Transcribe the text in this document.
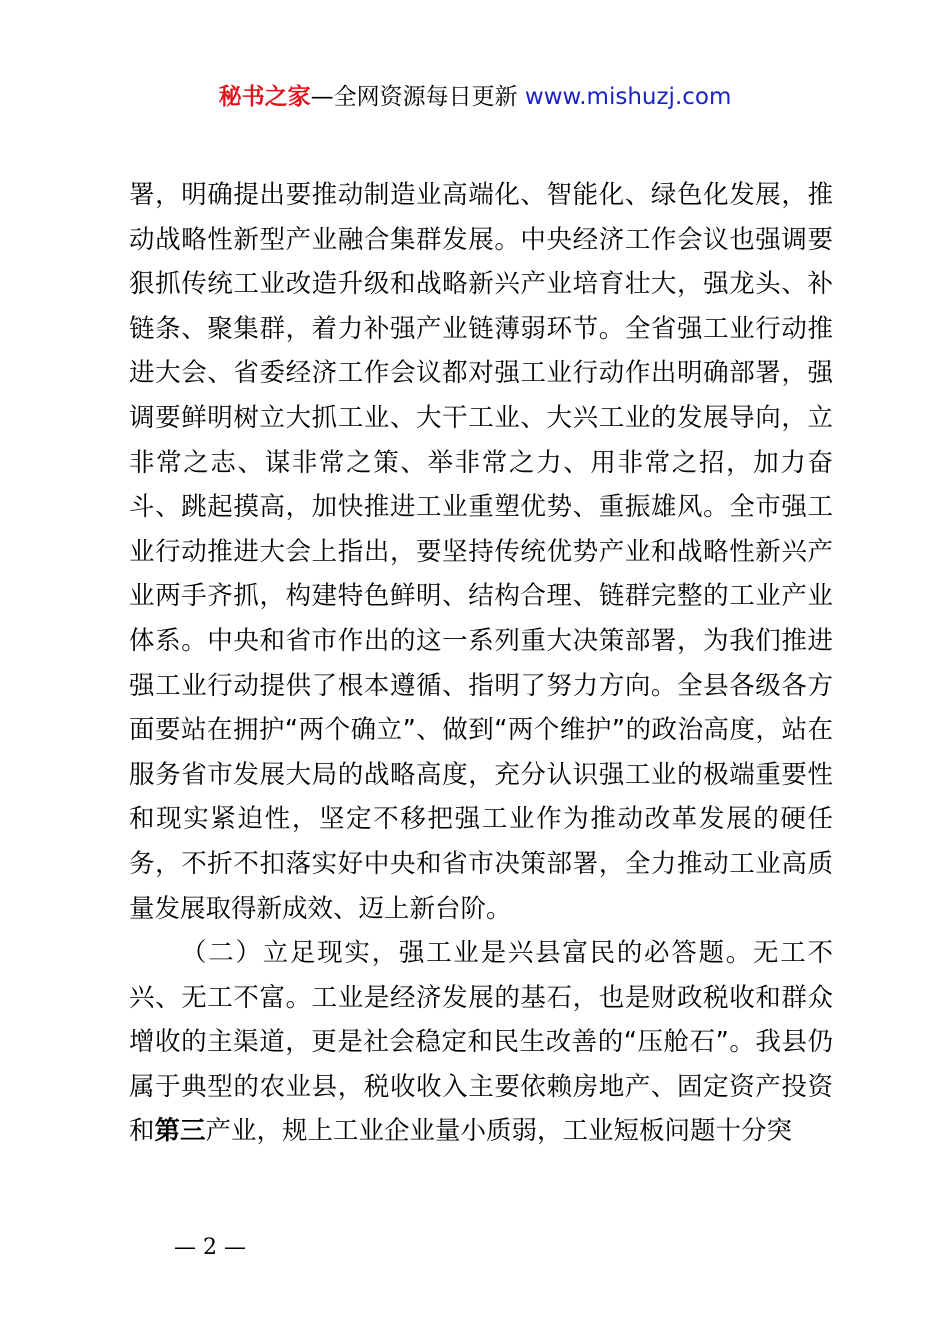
秘书之家—全网资源每日更新 www.mishuzj.com

署，明确提出要推动制造业高端化、智能化、绿色化发展，推动战略性新型产业融合集群发展。中央经济工作会议也强调要狠抓传统工业改造升级和战略新兴产业培育壮大，强龙头、补链条、聚集群，着力补强产业链薄弱环节。全省强工业行动推进大会、省委经济工作会议都对强工业行动作出明确部署，强调要鲜明树立大抓工业、大干工业、大兴工业的发展导向，立非常之志、谋非常之策、举非常之力、用非常之招，加力奋斗、跳起摸高，加快推进工业重塑优势、重振雄风。全市强工业行动推进大会上指出，要坚持传统优势产业和战略性新兴产业两手齐抓，构建特色鲜明、结构合理、链群完整的工业产业体系。中央和省市作出的这一系列重大决策部署，为我们推进强工业行动提供了根本遵循、指明了努力方向。全县各级各方面要站在拥护“两个确立”、做到“两个维护”的政治高度，站在服务省市发展大局的战略高度，充分认识强工业的极端重要性和现实紧迫性，坚定不移把强工业作为推动改革发展的硬任务，不折不扣落实好中央和省市决策部署，全力推动工业高质量发展取得新成效、迈上新台阶。

（二）立足现实，强工业是兴县富民的必答题。无工不兴、无工不富。工业是经济发展的基石，也是财政税收和群众增收的主渠道，更是社会稳定和民生改善的“压舱石”。我县仍属于典型的农业县，税收收入主要依赖房地产、固定资产投资和第三产业，规上工业企业量小质弱，工业短板问题十分突

— 2 —
